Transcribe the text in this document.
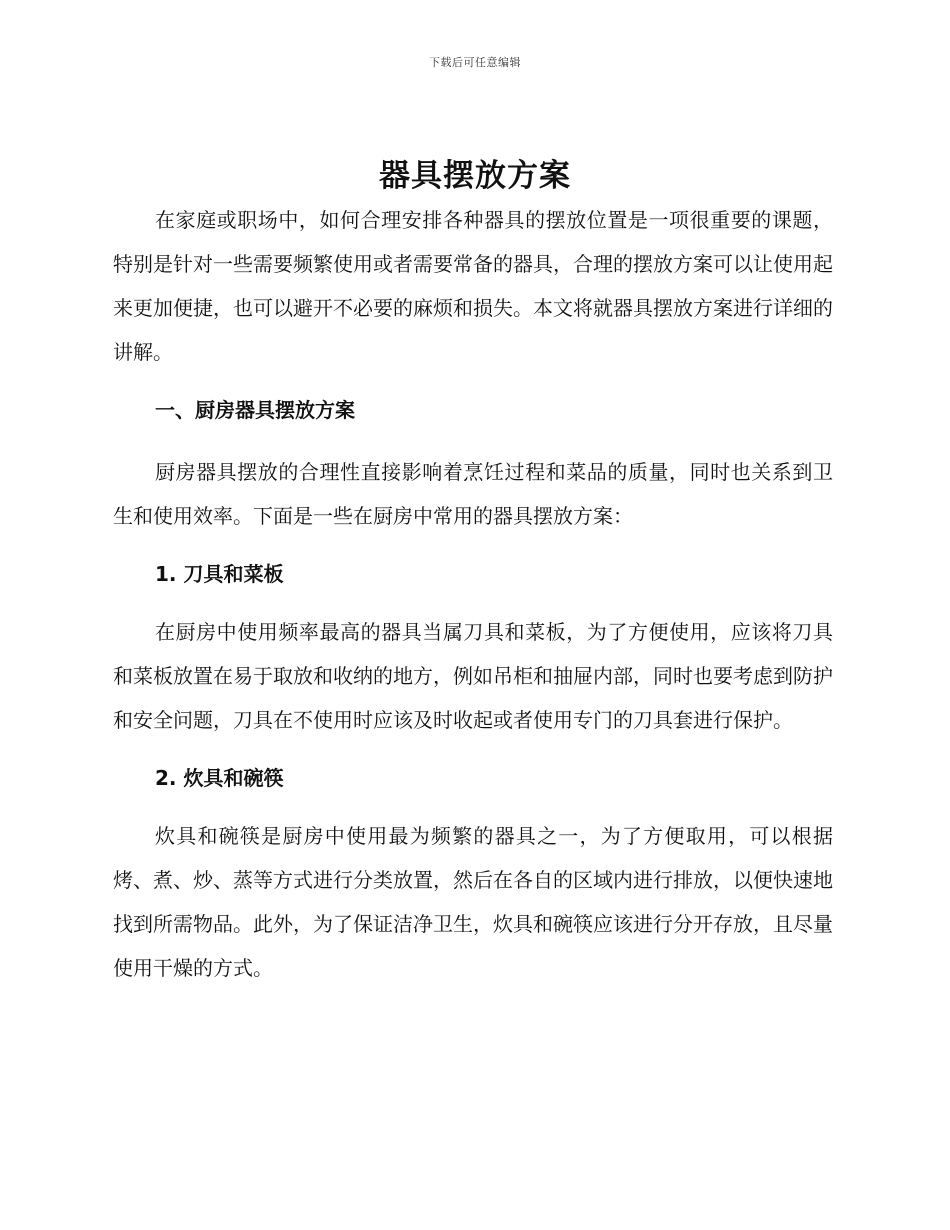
下载后可任意编辑
器具摆放方案

在家庭或职场中，如何合理安排各种器具的摆放位置是一项很重要的课题，特别是针对一些需要频繁使用或者需要常备的器具，合理的摆放方案可以让使用起来更加便捷，也可以避开不必要的麻烦和损失。本文将就器具摆放方案进行详细的讲解。

一、厨房器具摆放方案

厨房器具摆放的合理性直接影响着烹饪过程和菜品的质量，同时也关系到卫生和使用效率。下面是一些在厨房中常用的器具摆放方案：

1. 刀具和菜板

在厨房中使用频率最高的器具当属刀具和菜板，为了方便使用，应该将刀具和菜板放置在易于取放和收纳的地方，例如吊柜和抽屉内部，同时也要考虑到防护和安全问题，刀具在不使用时应该及时收起或者使用专门的刀具套进行保护。

2. 炊具和碗筷

炊具和碗筷是厨房中使用最为频繁的器具之一，为了方便取用，可以根据烤、煮、炒、蒸等方式进行分类放置，然后在各自的区域内进行排放，以便快速地找到所需物品。此外，为了保证洁净卫生，炊具和碗筷应该进行分开存放，且尽量使用干燥的方式。
